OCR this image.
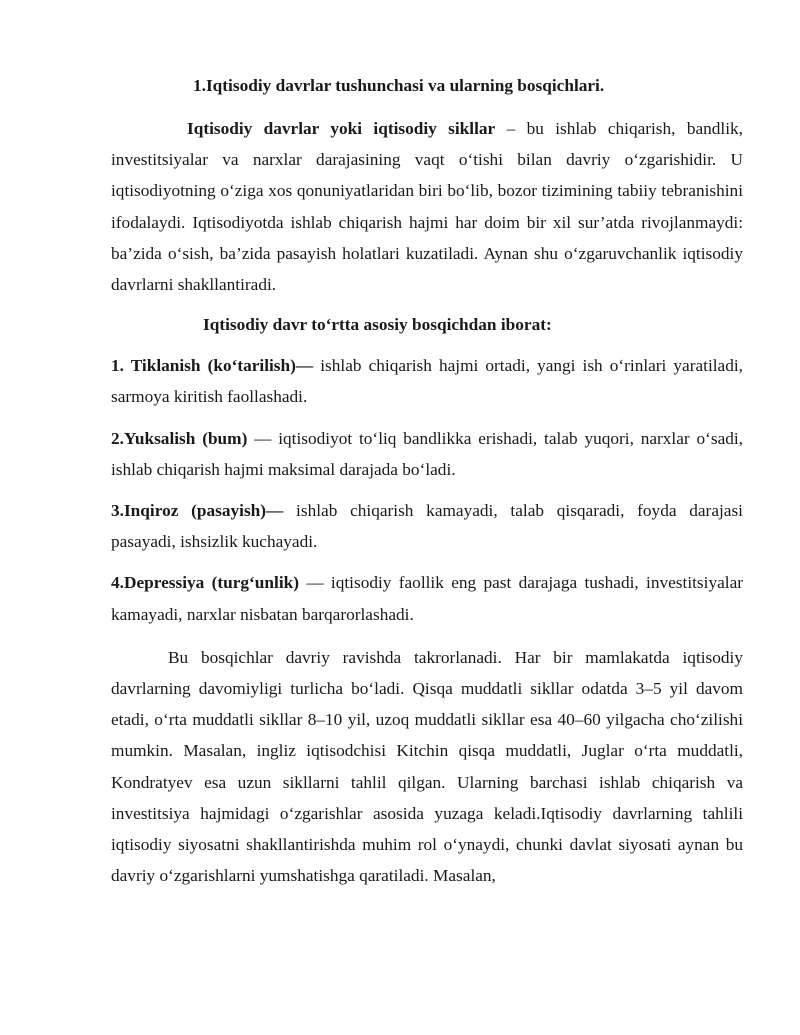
1.Iqtisodiy davrlar tushunchasi va ularning bosqichlari.

Iqtisodiy davrlar yoki iqtisodiy sikllar – bu ishlab chiqarish, bandlik, investitsiyalar va narxlar darajasining vaqt o‘tishi bilan davriy o‘zgarishidir. U iqtisodiyotning o‘ziga xos qonuniyatlaridan biri bo‘lib, bozor tizimining tabiiy tebranishini ifodalaydi. Iqtisodiyotda ishlab chiqarish hajmi har doim bir xil sur’atda rivojlanmaydi: ba’zida o‘sish, ba’zida pasayish holatlari kuzatiladi. Aynan shu o‘zgaruvchanlik iqtisodiy davrlarni shakllantiradi.

Iqtisodiy davr to‘rtta asosiy bosqichdan iborat:

1. Tiklanish (ko‘tarilish)— ishlab chiqarish hajmi ortadi, yangi ish o‘rinlari yaratiladi, sarmoya kiritish faollashadi.

2.Yuksalish (bum) — iqtisodiyot to‘liq bandlikka erishadi, talab yuqori, narxlar o‘sadi, ishlab chiqarish hajmi maksimal darajada bo‘ladi.

3.Inqiroz (pasayish)— ishlab chiqarish kamayadi, talab qisqaradi, foyda darajasi pasayadi, ishsizlik kuchayadi.

4.Depressiya (turg‘unlik) — iqtisodiy faollik eng past darajaga tushadi, investitsiyalar kamayadi, narxlar nisbatan barqarorlashadi.

Bu bosqichlar davriy ravishda takrorlanadi. Har bir mamlakatda iqtisodiy davrlarning davomiyligi turlicha bo‘ladi. Qisqa muddatli sikllar odatda 3–5 yil davom etadi, o‘rta muddatli sikllar 8–10 yil, uzoq muddatli sikllar esa 40–60 yilgacha cho‘zilishi mumkin. Masalan, ingliz iqtisodchisi Kitchin qisqa muddatli, Juglar o‘rta muddatli, Kondratyev esa uzun sikllarni tahlil qilgan. Ularning barchasi ishlab chiqarish va investitsiya hajmidagi o‘zgarishlar asosida yuzaga keladi.Iqtisodiy davrlarning tahlili iqtisodiy siyosatni shakllantirishda muhim rol o‘ynaydi, chunki davlat siyosati aynan bu davriy o‘zgarishlarni yumshatishga qaratiladi. Masalan,
